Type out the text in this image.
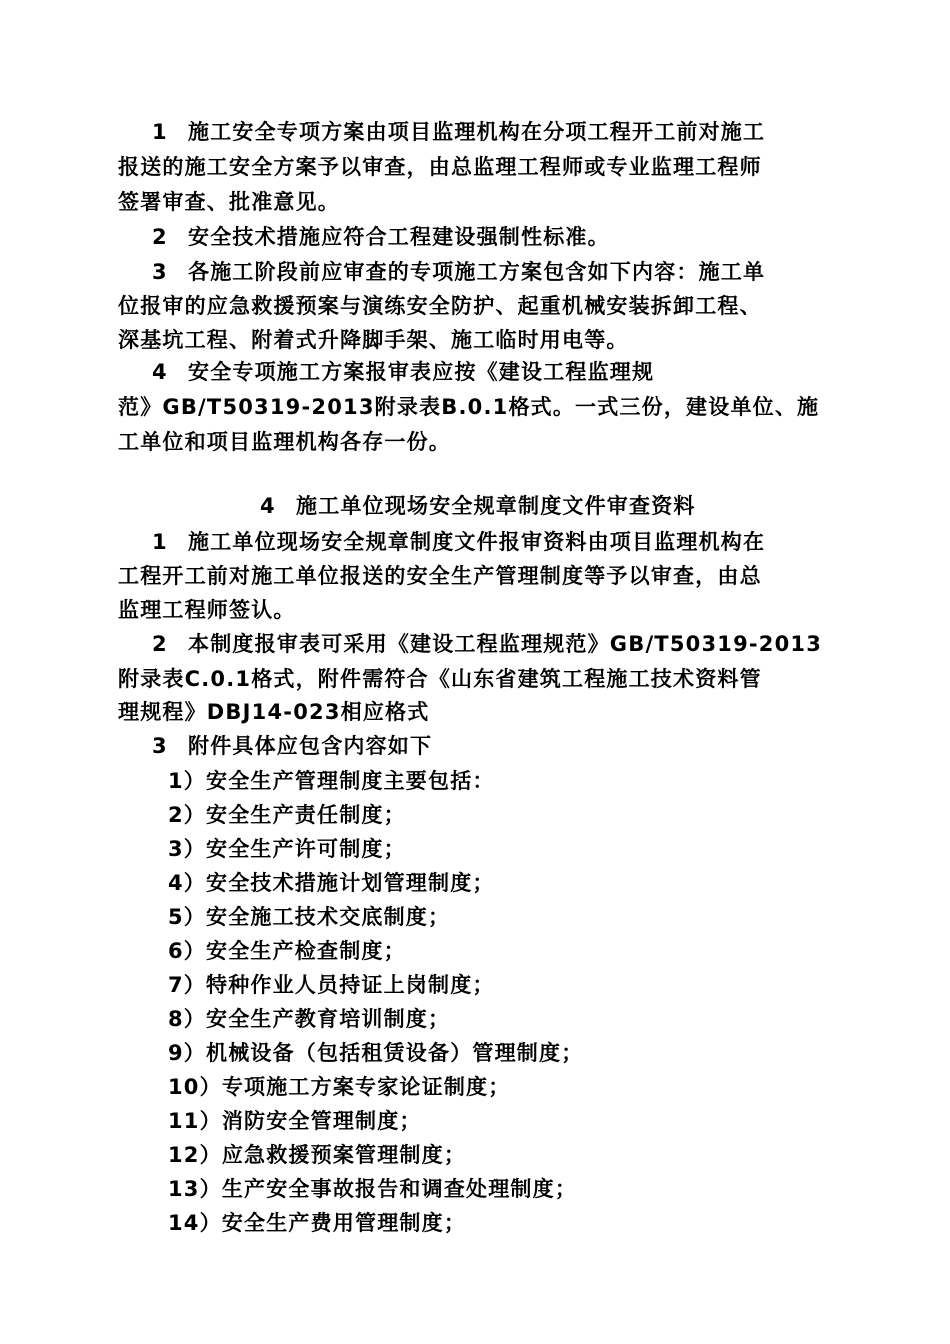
1 施工安全专项方案由项目监理机构在分项工程开工前对施工
报送的施工安全方案予以审查，由总监理工程师或专业监理工程师
签署审查、批准意见。
2 安全技术措施应符合工程建设强制性标准。
3 各施工阶段前应审查的专项施工方案包含如下内容：施工单
位报审的应急救援预案与演练安全防护、起重机械安装拆卸工程、
深基坑工程、附着式升降脚手架、施工临时用电等。
4 安全专项施工方案报审表应按《建设工程监理规
范》GB/T50319-2013附录表B.0.1格式。一式三份，建设单位、施
工单位和项目监理机构各存一份。
4 施工单位现场安全规章制度文件审查资料
1 施工单位现场安全规章制度文件报审资料由项目监理机构在
工程开工前对施工单位报送的安全生产管理制度等予以审查，由总
监理工程师签认。
2 本制度报审表可采用《建设工程监理规范》GB/T50319-2013
附录表C.0.1格式，附件需符合《山东省建筑工程施工技术资料管
理规程》DBJ14-023相应格式
3 附件具体应包含内容如下
1）安全生产管理制度主要包括：
2）安全生产责任制度；
3）安全生产许可制度；
4）安全技术措施计划管理制度；
5）安全施工技术交底制度；
6）安全生产检查制度；
7）特种作业人员持证上岗制度；
8）安全生产教育培训制度；
9）机械设备（包括租赁设备）管理制度；
10）专项施工方案专家论证制度；
11）消防安全管理制度；
12）应急救援预案管理制度；
13）生产安全事故报告和调查处理制度；
14）安全生产费用管理制度；
